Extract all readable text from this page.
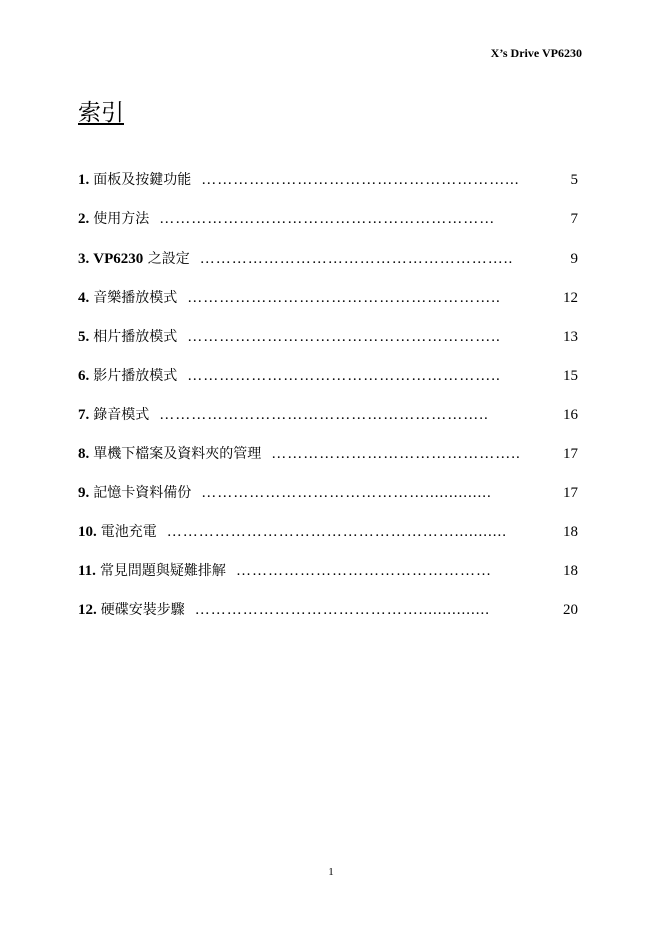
X’s Drive VP6230
索引
1. 面板及按鍵功能 …………………………………………………...	5
2. 使用方法 ………………………………………………………	7
3. VP6230 之設定 …………………………………………………..	9
4. 音樂播放模式 …………………………………………………..	12
5. 相片播放模式 …………………………………………………..	13
6. 影片播放模式 …………………………………………………..	15
7. 錄音模式 ……………………………………………………..	16
8. 單機下檔案及資料夾的管理 ………………………………………..	17
9. 記憶卡資料備份 ……………………………………..............	17
10. 電池充電 ………………………………………………...........	18
11. 常見問題與疑難排解 …………………………………………	18
12. 硬碟安裝步驟 ……………………………………...............	20
1
